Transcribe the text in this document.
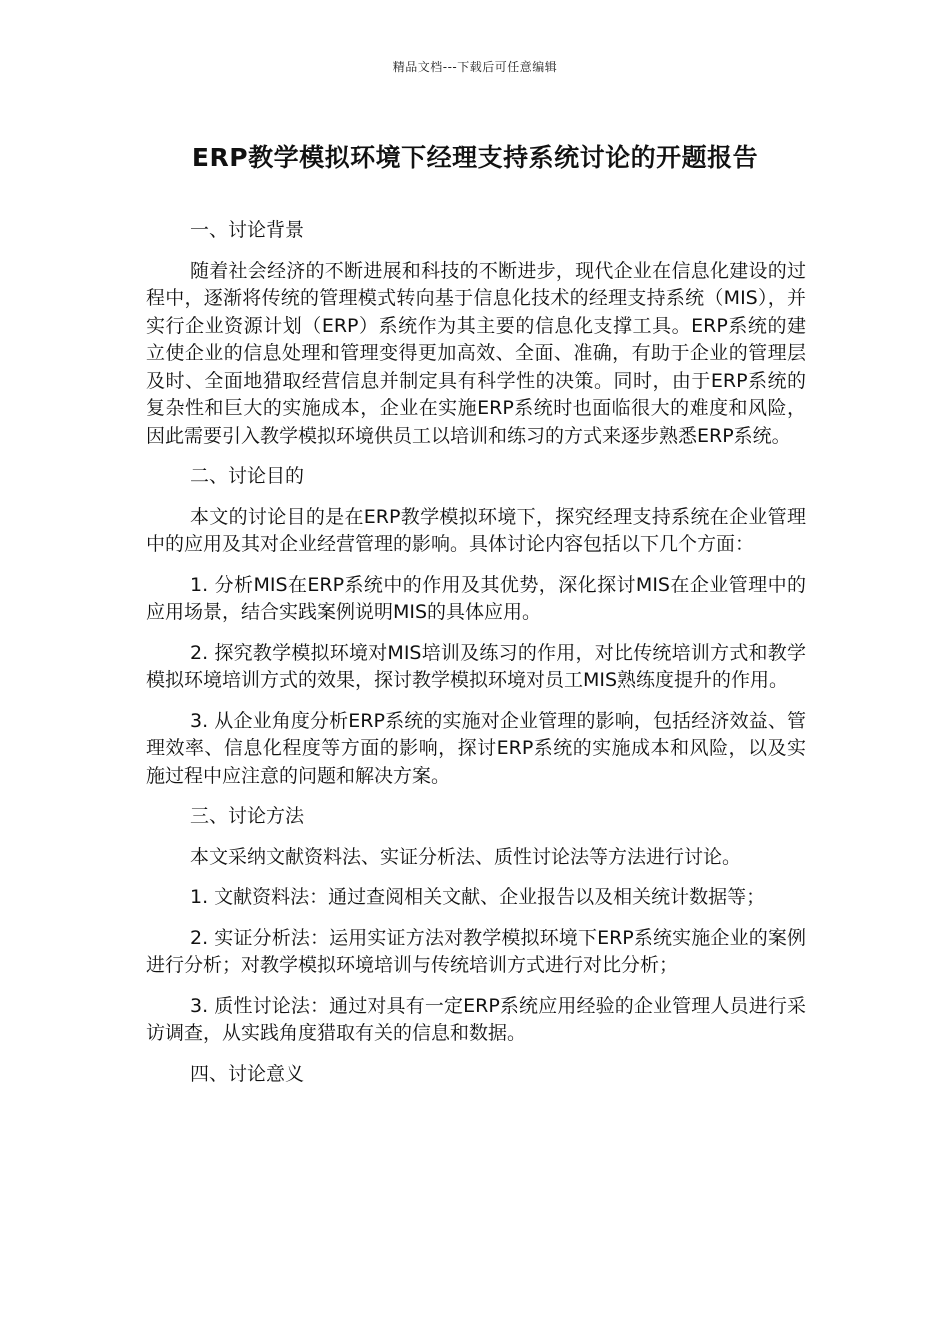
精品文档---下载后可任意编辑
ERP教学模拟环境下经理支持系统讨论的开题报告

一、讨论背景

随着社会经济的不断进展和科技的不断进步，现代企业在信息化建设的过程中，逐渐将传统的管理模式转向基于信息化技术的经理支持系统（MIS），并实行企业资源计划（ERP）系统作为其主要的信息化支撑工具。ERP系统的建立使企业的信息处理和管理变得更加高效、全面、准确，有助于企业的管理层及时、全面地猎取经营信息并制定具有科学性的决策。同时，由于ERP系统的复杂性和巨大的实施成本，企业在实施ERP系统时也面临很大的难度和风险，因此需要引入教学模拟环境供员工以培训和练习的方式来逐步熟悉ERP系统。

二、讨论目的

本文的讨论目的是在ERP教学模拟环境下，探究经理支持系统在企业管理中的应用及其对企业经营管理的影响。具体讨论内容包括以下几个方面：

1. 分析MIS在ERP系统中的作用及其优势，深化探讨MIS在企业管理中的应用场景，结合实践案例说明MIS的具体应用。

2. 探究教学模拟环境对MIS培训及练习的作用，对比传统培训方式和教学模拟环境培训方式的效果，探讨教学模拟环境对员工MIS熟练度提升的作用。

3. 从企业角度分析ERP系统的实施对企业管理的影响，包括经济效益、管理效率、信息化程度等方面的影响，探讨ERP系统的实施成本和风险，以及实施过程中应注意的问题和解决方案。

三、讨论方法

本文采纳文献资料法、实证分析法、质性讨论法等方法进行讨论。

1. 文献资料法：通过查阅相关文献、企业报告以及相关统计数据等；

2. 实证分析法：运用实证方法对教学模拟环境下ERP系统实施企业的案例进行分析；对教学模拟环境培训与传统培训方式进行对比分析；

3. 质性讨论法：通过对具有一定ERP系统应用经验的企业管理人员进行采访调查，从实践角度猎取有关的信息和数据。

四、讨论意义
